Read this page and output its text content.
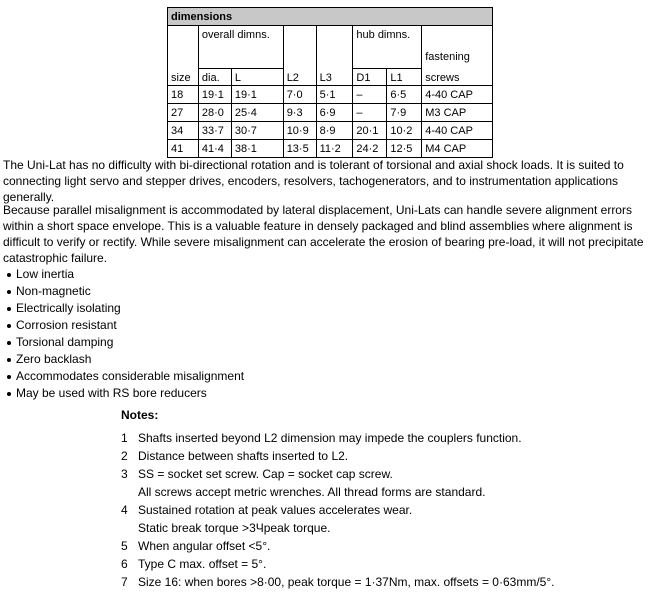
dimensions							
	overall dimns.				hub dimns.		
							fastening
size	dia.	L	L2	L3	D1	L1	screws
18	19·1	19·1	7·0	5·1	–	6·5	4-40 CAP
27	28·0	25·4	9·3	6·9	–	7·9	M3 CAP
34	33·7	30·7	10·9	8·9	20·1	10·2	4-40 CAP
41	41·4	38·1	13·5	11·2	24·2	12·5	M4 CAP

The Uni-Lat has no difficulty with bi-directional rotation and is tolerant of torsional and axial shock loads. It is suited to connecting light servo and stepper drives, encoders, resolvers, tachogenerators, and to instrumentation applications generally.

Because parallel misalignment is accommodated by lateral displacement, Uni-Lats can handle severe alignment errors within a short space envelope. This is a valuable feature in densely packaged and blind assemblies where alignment is difficult to verify or rectify. While severe misalignment can accelerate the erosion of bearing pre-load, it will not precipitate catastrophic failure.

Low inertia
Non-magnetic
Electrically isolating
Corrosion resistant
Torsional damping
Zero backlash
Accommodates considerable misalignment
May be used with RS bore reducers
Notes:
1 Shafts inserted beyond L2 dimension may impede the couplers function.
2 Distance between shafts inserted to L2.
3 SS = socket set screw. Cap = socket cap screw.
All screws accept metric wrenches. All thread forms are standard.
4 Sustained rotation at peak values accelerates wear.
Static break torque >3Чpeak torque.
5 When angular offset <5°.
6 Type C max. offset = 5°.
7 Size 16: when bores >8·00, peak torque = 1·37Nm, max. offsets = 0·63mm/5°.
